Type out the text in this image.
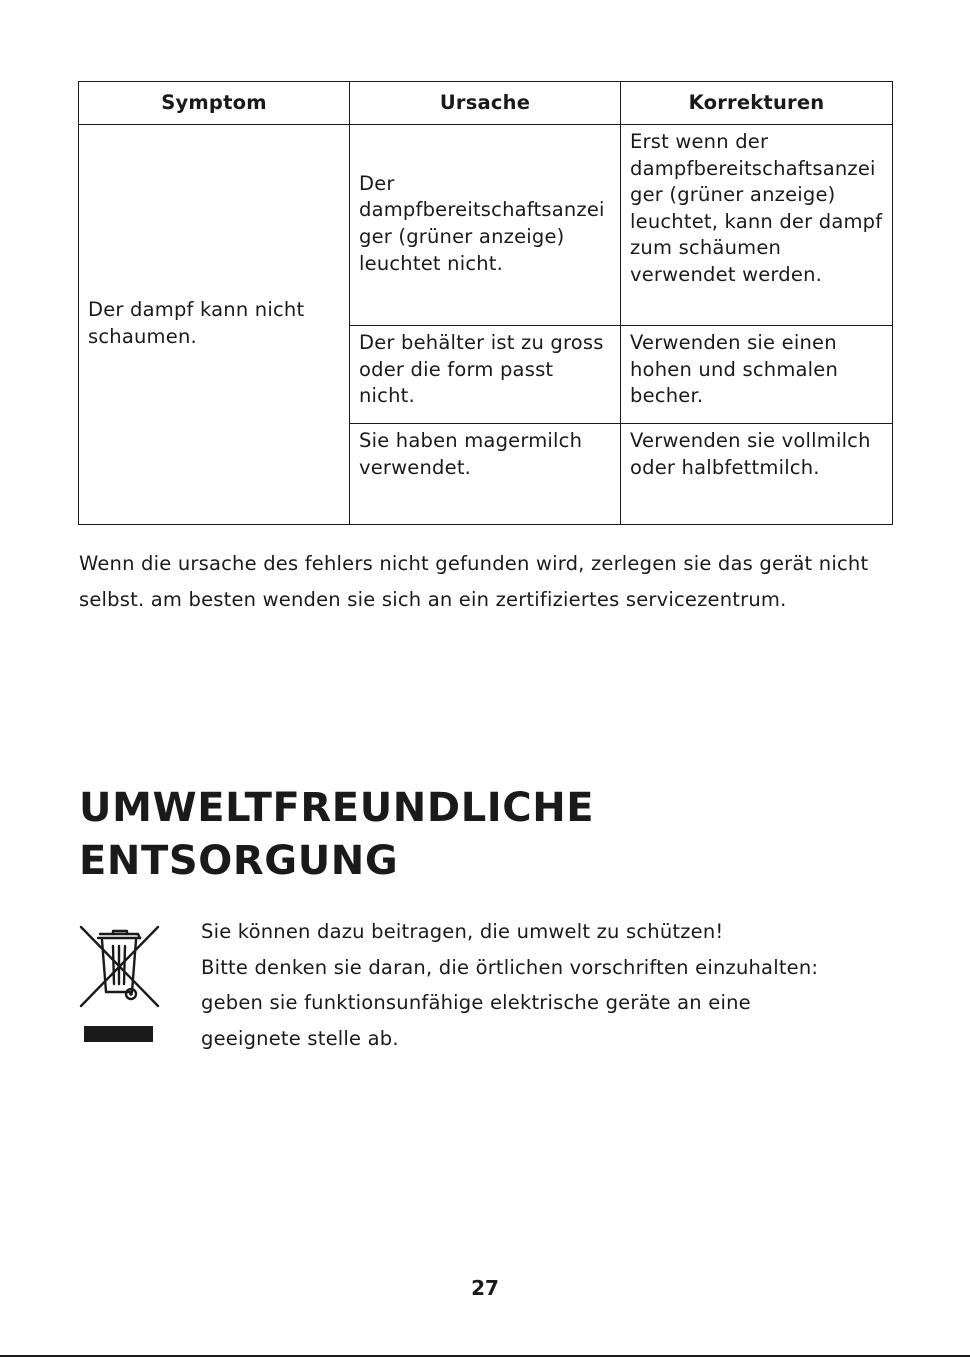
Symptom	Ursache	Korrekturen
Der dampf kann nicht schaumen.	Der dampfbereitschaftsanzeiger (grüner anzeige) leuchtet nicht.	Erst wenn der dampfbereitschaftsanzeiger (grüner anzeige) leuchtet, kann der dampf zum schäumen verwendet werden.
	Der behälter ist zu gross oder die form passt nicht.	Verwenden sie einen hohen und schmalen becher.
	Sie haben magermilch verwendet.	Verwenden sie vollmilch oder halbfettmilch.

Wenn die ursache des fehlers nicht gefunden wird, zerlegen sie das gerät nicht selbst. am besten wenden sie sich an ein zertifiziertes servicezentrum.

UMWELTFREUNDLICHE
ENTSORGUNG
Sie können dazu beitragen, die umwelt zu schützen!
Bitte denken sie daran, die örtlichen vorschriften einzuhalten:
geben sie funktionsunfähige elektrische geräte an eine
geeignete stelle ab.
27
